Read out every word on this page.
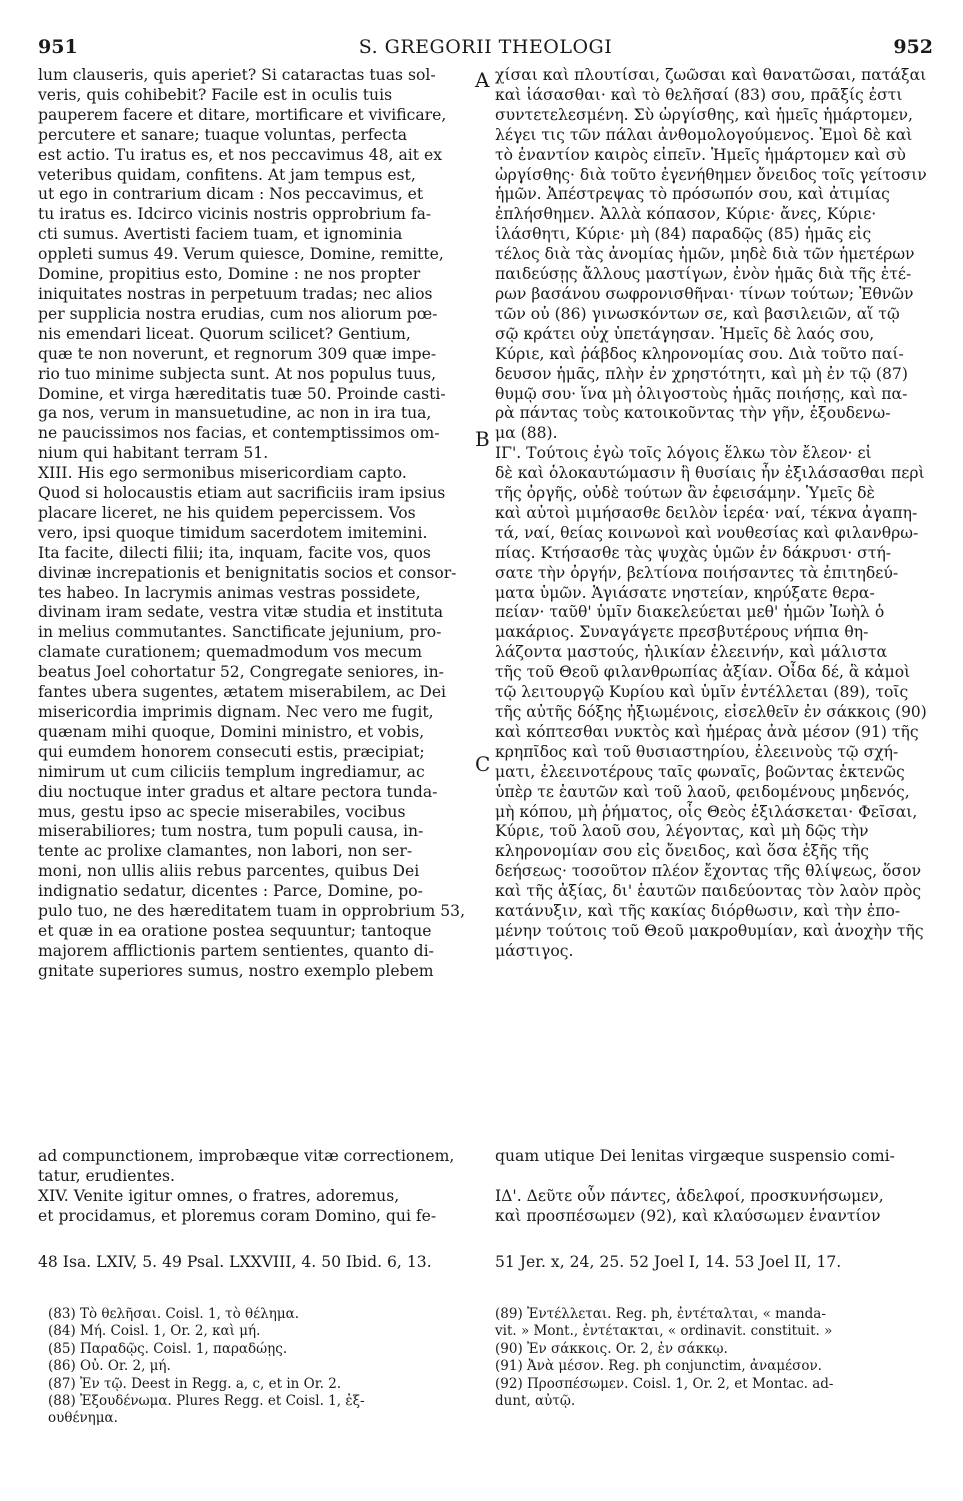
951	S. GREGORII THEOLOGI	952
lum clauseris, quis aperiet? Si cataractas tuas sol-
veris, quis cohibebit? Facile est in oculis tuis
pauperem facere et ditare, mortificare et vivificare,
percutere et sanare; tuaque voluntas, perfecta
est actio. Tu iratus es, et nos peccavimus 48, ait ex
veteribus quidam, confitens. At jam tempus est,
ut ego in contrarium dicam : Nos peccavimus, et
tu iratus es. Idcirco vicinis nostris opprobrium fa-
cti sumus. Avertisti faciem tuam, et ignominia
oppleti sumus 49. Verum quiesce, Domine, remitte,
Domine, propitius esto, Domine : ne nos propter
iniquitates nostras in perpetuum tradas; nec alios
per supplicia nostra erudias, cum nos aliorum pœ-
nis emendari liceat. Quorum scilicet? Gentium,
quæ te non noverunt, et regnorum 309 quæ impe-
rio tuo minime subjecta sunt. At nos populus tuus,
Domine, et virga hæreditatis tuæ 50. Proinde casti-
ga nos, verum in mansuetudine, ac non in ira tua,
ne paucissimos nos facias, et contemptissimos om-
nium qui habitant terram 51.
XIII. His ego sermonibus misericordiam capto.
Quod si holocaustis etiam aut sacrificiis iram ipsius
placare liceret, ne his quidem pepercissem. Vos
vero, ipsi quoque timidum sacerdotem imitemini.
Ita facite, dilecti filii; ita, inquam, facite vos, quos
divinæ increpationis et benignitatis socios et consor-
tes habeo. In lacrymis animas vestras possidete,
divinam iram sedate, vestra vitæ studia et instituta
in melius commutantes. Sanctificate jejunium, pro-
clamate curationem; quemadmodum vos mecum
beatus Joel cohortatur 52, Congregate seniores, in-
fantes ubera sugentes, ætatem miserabilem, ac Dei
misericordia imprimis dignam. Nec vero me fugit,
quænam mihi quoque, Domini ministro, et vobis,
qui eumdem honorem consecuti estis, præcipiat;
nimirum ut cum ciliciis templum ingrediamur, ac
diu noctuque inter gradus et altare pectora tunda-
mus, gestu ipso ac specie miserabiles, vocibus
miserabiliores; tum nostra, tum populi causa, in-
tente ac prolixe clamantes, non labori, non ser-
moni, non ullis aliis rebus parcentes, quibus Dei
indignatio sedatur, dicentes : Parce, Domine, po-
pulo tuo, ne des hæreditatem tuam in opprobrium 53,
et quæ in ea oratione postea sequuntur; tantoque
majorem afflictionis partem sentientes, quanto di-
gnitate superiores sumus, nostro exemplo plebem
χίσαι καὶ πλουτίσαι, ζωῶσαι καὶ θανατῶσαι, πατάξαι
καὶ ἰάσασθαι· καὶ τὸ θελῆσαί (83) σου, πρᾶξίς ἐστι
συντετελεσμένη. Σὺ ὠργίσθης, καὶ ἡμεῖς ἡμάρτομεν,
λέγει τις τῶν πάλαι ἀνθομολογούμενος. Ἐμοὶ δὲ καὶ
τὸ ἐναντίον καιρὸς εἰπεῖν. Ἡμεῖς ἡμάρτομεν καὶ σὺ
ὠργίσθης· διὰ τοῦτο ἐγενήθημεν ὄνειδος τοῖς γείτοσιν
ἡμῶν. Ἀπέστρεψας τὸ πρόσωπόν σου, καὶ ἀτιμίας
ἐπλήσθημεν. Ἀλλὰ κόπασον, Κύριε· ἄνες, Κύριε·
ἱλάσθητι, Κύριε· μὴ (84) παραδῷς (85) ἡμᾶς εἰς
τέλος διὰ τὰς ἀνομίας ἡμῶν, μηδὲ διὰ τῶν ἡμετέρων
παιδεύσῃς ἄλλους μαστίγων, ἐνὸν ἡμᾶς διὰ τῆς ἑτέ-
ρων βασάνου σωφρονισθῆναι· τίνων τούτων; Ἐθνῶν
τῶν οὐ (86) γινωσκόντων σε, καὶ βασιλειῶν, αἵ τῷ
σῷ κράτει οὐχ ὑπετάγησαν. Ἡμεῖς δὲ λαός σου,
Κύριε, καὶ ῥάβδος κληρονομίας σου. Διὰ τοῦτο παί-
δευσον ἡμᾶς, πλὴν ἐν χρηστότητι, καὶ μὴ ἐν τῷ (87)
θυμῷ σου· ἵνα μὴ ὀλιγοστοὺς ἡμᾶς ποιήσῃς, καὶ πα-
ρὰ πάντας τοὺς κατοικοῦντας τὴν γῆν, ἐξουδενω-
μα (88).
ΙΓ'. Τούτοις ἐγὼ τοῖς λόγοις ἕλκω τὸν ἔλεον· εἰ
δὲ καὶ ὁλοκαυτώμασιν ἢ θυσίαις ἦν ἐξιλάσασθαι περὶ
τῆς ὀργῆς, οὐδὲ τούτων ἂν ἐφεισάμην. Ὑμεῖς δὲ
καὶ αὐτοὶ μιμήσασθε δειλὸν ἱερέα· ναί, τέκνα ἀγαπη-
τά, ναί, θείας κοινωνοὶ καὶ νουθεσίας καὶ φιλανθρω-
πίας. Κτήσασθε τὰς ψυχὰς ὑμῶν ἐν δάκρυσι· στή-
σατε τὴν ὀργήν, βελτίονα ποιήσαντες τὰ ἐπιτηδεύ-
ματα ὑμῶν. Ἁγιάσατε νηστείαν, κηρύξατε θερα-
πείαν· ταῦθ' ὑμῖν διακελεύεται μεθ' ἡμῶν Ἰωὴλ ὁ
μακάριος. Συναγάγετε πρεσβυτέρους νήπια θη-
λάζοντα μαστούς, ἡλικίαν ἐλεεινήν, καὶ μάλιστα
τῆς τοῦ Θεοῦ φιλανθρωπίας ἀξίαν. Οἶδα δέ, ἃ κἀμοὶ
τῷ λειτουργῷ Κυρίου καὶ ὑμῖν ἐντέλλεται (89), τοῖς
τῆς αὐτῆς δόξης ἠξιωμένοις, εἰσελθεῖν ἐν σάκκοις (90)
καὶ κόπτεσθαι νυκτὸς καὶ ἡμέρας ἀνὰ μέσον (91) τῆς
κρηπῖδος καὶ τοῦ θυσιαστηρίου, ἐλεεινοὺς τῷ σχή-
ματι, ἐλεεινοτέρους ταῖς φωναῖς, βοῶντας ἐκτενῶς
ὑπὲρ τε ἑαυτῶν καὶ τοῦ λαοῦ, φειδομένους μηδενός,
μὴ κόπου, μὴ ῥήματος, οἷς Θεὸς ἐξιλάσκεται· Φεῖσαι,
Κύριε, τοῦ λαοῦ σου, λέγοντας, καὶ μὴ δῷς τὴν
κληρονομίαν σου εἰς ὄνειδος, καὶ ὅσα ἑξῆς τῆς
δεήσεως· τοσοῦτον πλέον ἔχοντας τῆς θλίψεως, ὅσον
καὶ τῆς ἀξίας, δι' ἑαυτῶν παιδεύοντας τὸν λαὸν πρὸς
κατάνυξιν, καὶ τῆς κακίας διόρθωσιν, καὶ τὴν ἐπο-
μένην τούτοις τοῦ Θεοῦ μακροθυμίαν, καὶ ἀνοχὴν τῆς
μάστιγος.
A
B
C
ad compunctionem, improbæque vitæ correctionem,	quam utique Dei lenitas virgæque suspensio comi-
tatur, erudientes.
XIV. Venite igitur omnes, o fratres, adoremus,
et procidamus, et ploremus coram Domino, qui fe-
ΙΔ'. Δεῦτε οὖν πάντες, ἀδελφοί, προσκυνήσωμεν,
καὶ προσπέσωμεν (92), καὶ κλαύσωμεν ἐναντίον
48 Isa. LXIV, 5. 49 Psal. LXXVIII, 4. 50 Ibid. 6, 13.	51 Jer. x, 24, 25. 52 Joel I, 14. 53 Joel II, 17.
(83) Τὸ θελῆσαι. Coisl. 1, τὸ θέλημα.
(84) Μή. Coisl. 1, Or. 2, καὶ μή.
(85) Παραδῷς. Coisl. 1, παραδώῃς.
(86) Οὐ. Or. 2, μή.
(87) Ἐν τῷ. Deest in Regg. a, c, et in Or. 2.
(88) Ἐξουδένωμα. Plures Regg. et Coisl. 1, ἐξ-
ουθένημα.
(89) Ἐντέλλεται. Reg. ph, ἐντέταλται, « manda-
vit. » Mont., ἐντέτακται, « ordinavit. constituit. »
(90) Ἐν σάκκοις. Or. 2, ἐν σάκκῳ.
(91) Ἀνὰ μέσον. Reg. ph conjunctim, ἀναμέσον.
(92) Προσπέσωμεν. Coisl. 1, Or. 2, et Montac. ad-
dunt, αὐτῷ.
